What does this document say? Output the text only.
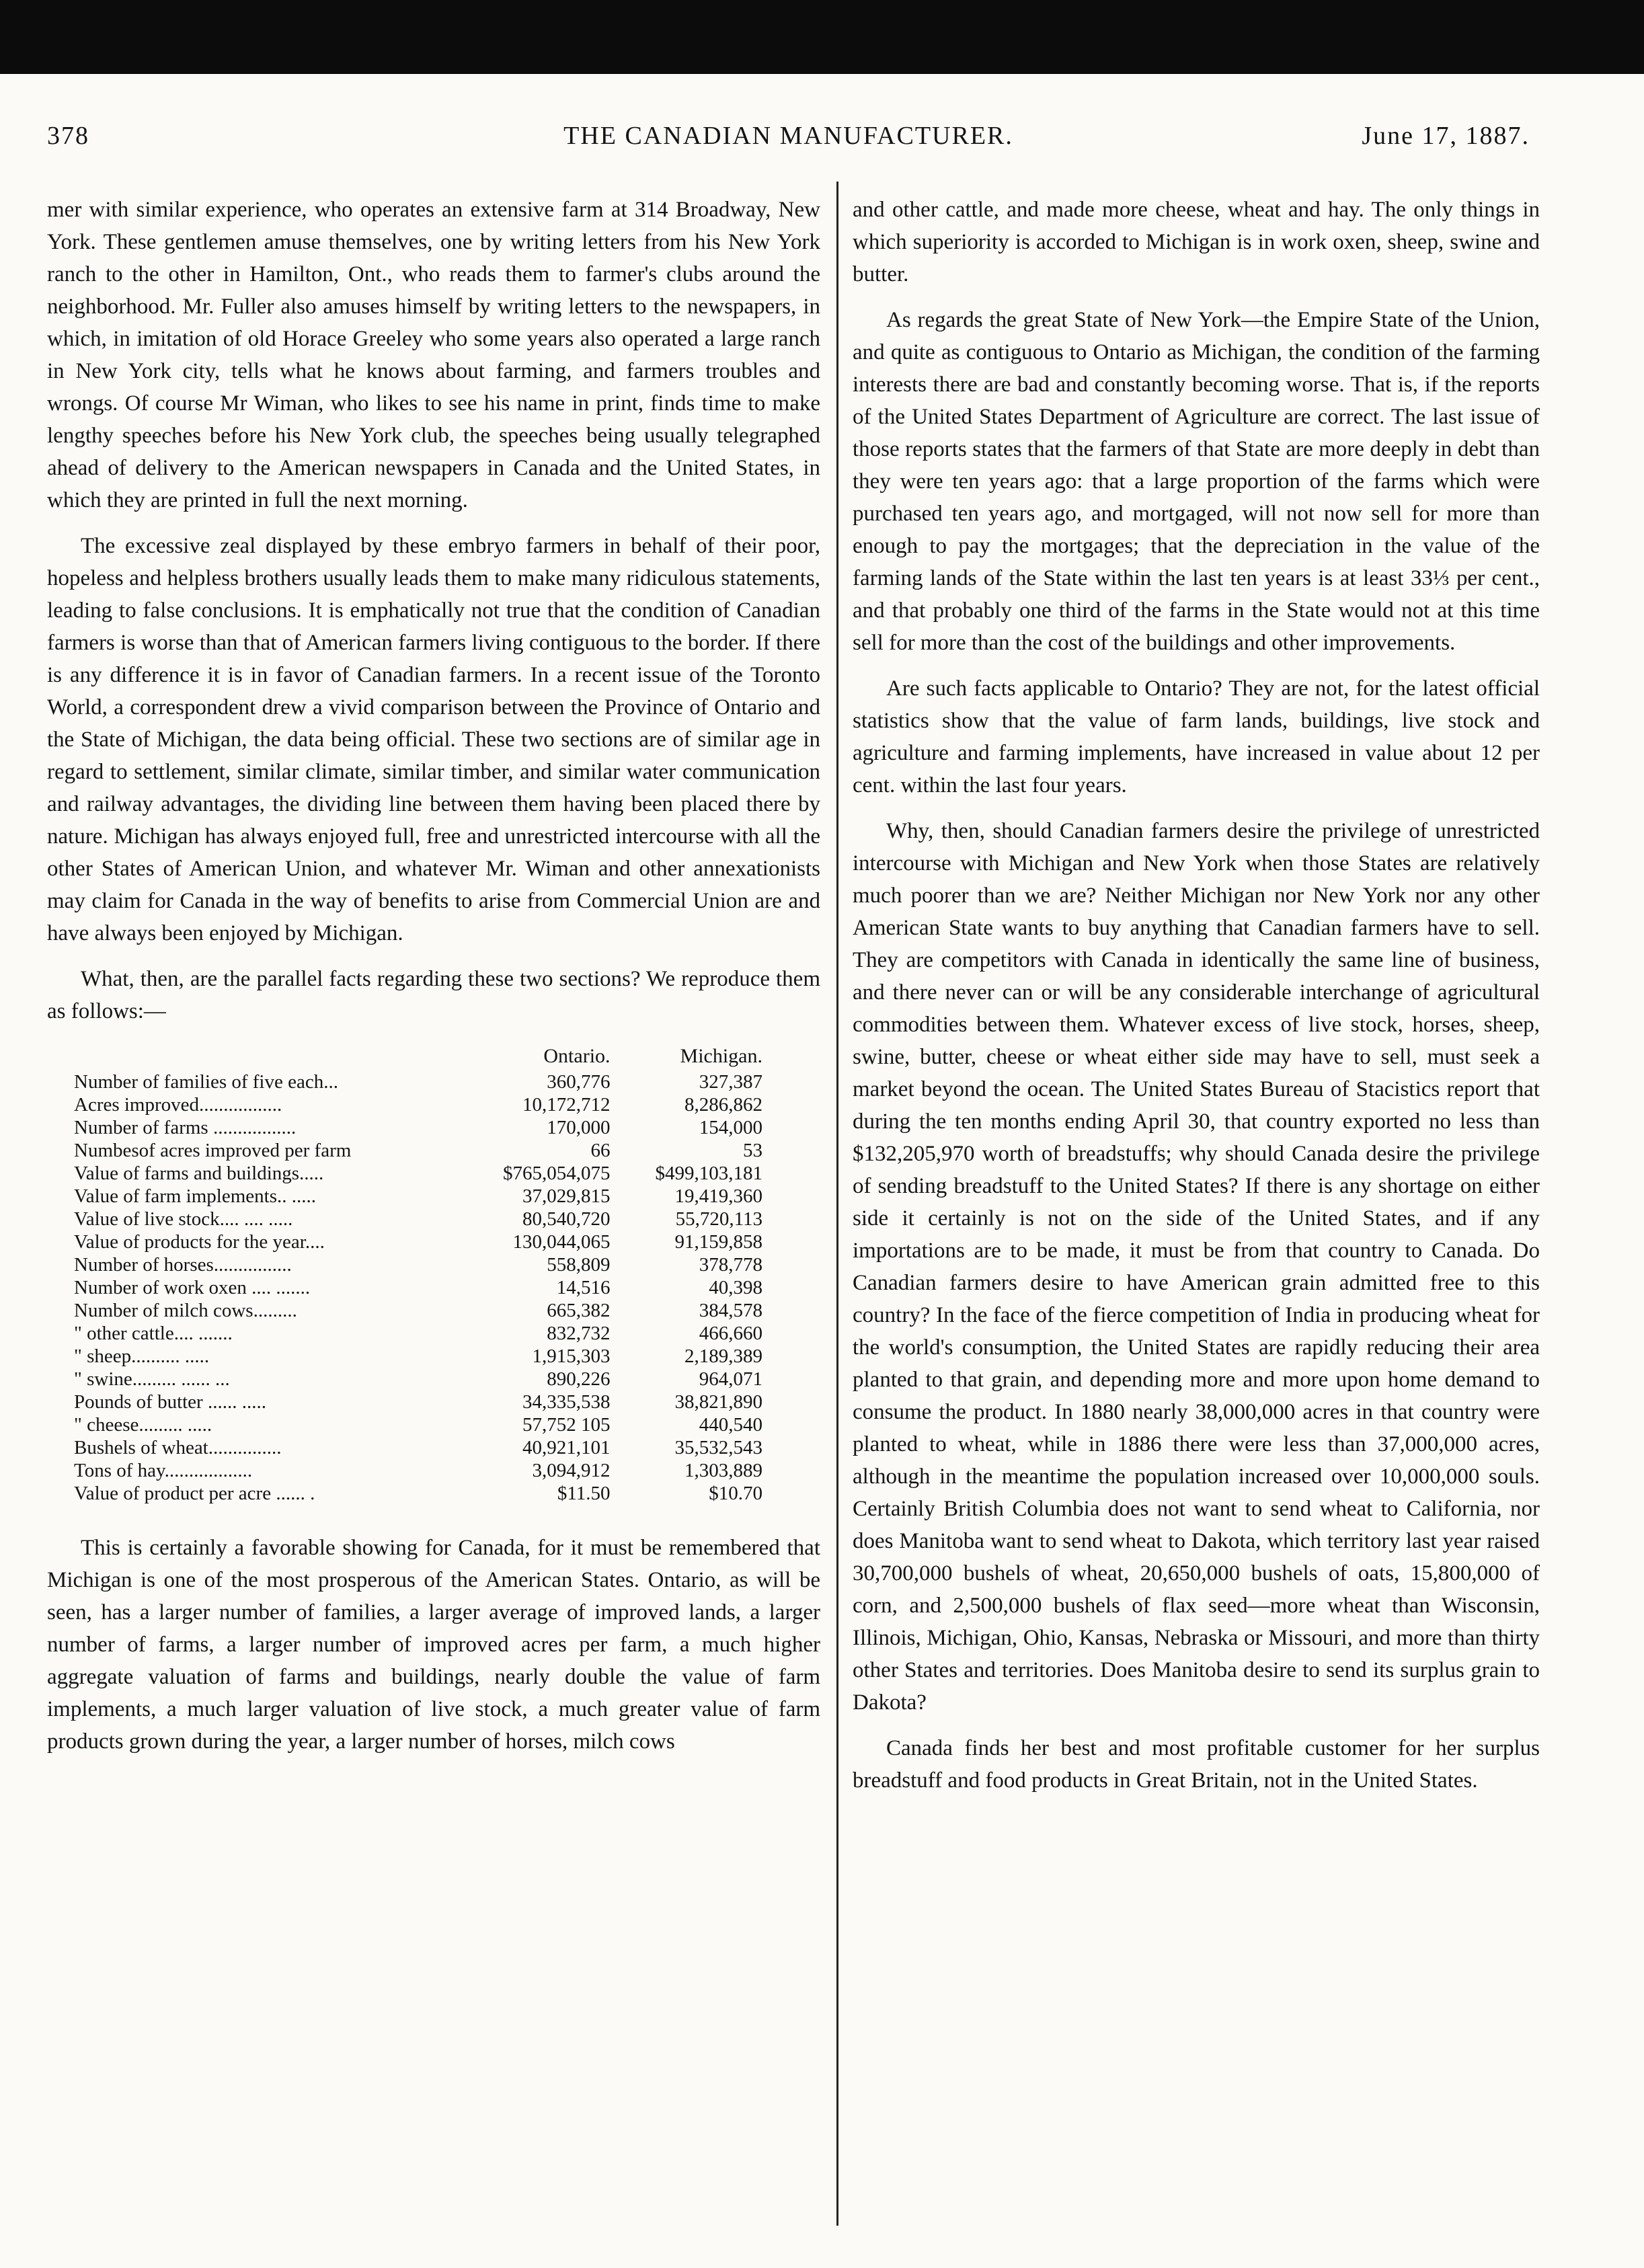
THE CANADIAN MANUFACTURER.
378	June 17, 1887.

mer with similar experience, who operates an extensive farm at 314 Broadway, New York. These gentlemen amuse themselves, one by writing letters from his New York ranch to the other in Hamilton, Ont., who reads them to farmer's clubs around the neighborhood. Mr. Fuller also amuses himself by writing letters to the newspapers, in which, in imitation of old Horace Greeley who some years also operated a large ranch in New York city, tells what he knows about farming, and farmers troubles and wrongs. Of course Mr Wiman, who likes to see his name in print, finds time to make lengthy speeches before his New York club, the speeches being usually telegraphed ahead of delivery to the American newspapers in Canada and the United States, in which they are printed in full the next morning.

The excessive zeal displayed by these embryo farmers in behalf of their poor, hopeless and helpless brothers usually leads them to make many ridiculous statements, leading to false conclusions. It is emphatically not true that the condition of Canadian farmers is worse than that of American farmers living contiguous to the border. If there is any difference it is in favor of Canadian farmers. In a recent issue of the Toronto World, a correspondent drew a vivid comparison between the Province of Ontario and the State of Michigan, the data being official. These two sections are of similar age in regard to settlement, similar climate, similar timber, and similar water communication and railway advantages, the dividing line between them having been placed there by nature. Michigan has always enjoyed full, free and unrestricted intercourse with all the other States of American Union, and whatever Mr. Wiman and other annexationists may claim for Canada in the way of benefits to arise from Commercial Union are and have always been enjoyed by Michigan.

What, then, are the parallel facts regarding these two sections? We reproduce them as follows:—

	Ontario.	Michigan.
Number of families of five each...	360,776	327,387
Acres improved.................	10,172,712	8,286,862
Number of farms .................	170,000	154,000
Numbesof acres improved per farm	66	53
Value of farms and buildings.....	$765,054,075	$499,103,181
Value of farm implements.. .....	37,029,815	19,419,360
Value of live stock.... .... .....	80,540,720	55,720,113
Value of products for the year....	130,044,065	91,159,858
Number of horses................	558,809	378,778
Number of work oxen .... .......	14,516	40,398
Number of milch cows.........	665,382	384,578
" other cattle.... .......	832,732	466,660
" sheep.......... .....	1,915,303	2,189,389
" swine......... ...... ...	890,226	964,071
Pounds of butter ...... .....	34,335,538	38,821,890
" cheese......... .....	57,752 105	440,540
Bushels of wheat...............	40,921,101	35,532,543
Tons of hay..................	3,094,912	1,303,889
Value of product per acre ...... .	$11.50	$10.70

This is certainly a favorable showing for Canada, for it must be remembered that Michigan is one of the most prosperous of the American States. Ontario, as will be seen, has a larger number of families, a larger average of improved lands, a larger number of farms, a larger number of improved acres per farm, a much higher aggregate valuation of farms and buildings, nearly double the value of farm implements, a much larger valuation of live stock, a much greater value of farm products grown during the year, a larger number of horses, milch cows

and other cattle, and made more cheese, wheat and hay. The only things in which superiority is accorded to Michigan is in work oxen, sheep, swine and butter.

As regards the great State of New York—the Empire State of the Union, and quite as contiguous to Ontario as Michigan, the condition of the farming interests there are bad and constantly becoming worse. That is, if the reports of the United States Department of Agriculture are correct. The last issue of those reports states that the farmers of that State are more deeply in debt than they were ten years ago: that a large proportion of the farms which were purchased ten years ago, and mortgaged, will not now sell for more than enough to pay the mortgages; that the depreciation in the value of the farming lands of the State within the last ten years is at least 33⅓ per cent., and that probably one third of the farms in the State would not at this time sell for more than the cost of the buildings and other improvements.

Are such facts applicable to Ontario? They are not, for the latest official statistics show that the value of farm lands, buildings, live stock and agriculture and farming implements, have increased in value about 12 per cent. within the last four years.

Why, then, should Canadian farmers desire the privilege of unrestricted intercourse with Michigan and New York when those States are relatively much poorer than we are? Neither Michigan nor New York nor any other American State wants to buy anything that Canadian farmers have to sell. They are competitors with Canada in identically the same line of business, and there never can or will be any considerable interchange of agricultural commodities between them. Whatever excess of live stock, horses, sheep, swine, butter, cheese or wheat either side may have to sell, must seek a market beyond the ocean. The United States Bureau of Stacistics report that during the ten months ending April 30, that country exported no less than $132,205,970 worth of breadstuffs; why should Canada desire the privilege of sending breadstuff to the United States? If there is any shortage on either side it certainly is not on the side of the United States, and if any importations are to be made, it must be from that country to Canada. Do Canadian farmers desire to have American grain admitted free to this country? In the face of the fierce competition of India in producing wheat for the world's consumption, the United States are rapidly reducing their area planted to that grain, and depending more and more upon home demand to consume the product. In 1880 nearly 38,000,000 acres in that country were planted to wheat, while in 1886 there were less than 37,000,000 acres, although in the meantime the population increased over 10,000,000 souls. Certainly British Columbia does not want to send wheat to California, nor does Manitoba want to send wheat to Dakota, which territory last year raised 30,700,000 bushels of wheat, 20,650,000 bushels of oats, 15,800,000 of corn, and 2,500,000 bushels of flax seed—more wheat than Wisconsin, Illinois, Michigan, Ohio, Kansas, Nebraska or Missouri, and more than thirty other States and territories. Does Manitoba desire to send its surplus grain to Dakota?

Canada finds her best and most profitable customer for her surplus breadstuff and food products in Great Britain, not in the United States.
